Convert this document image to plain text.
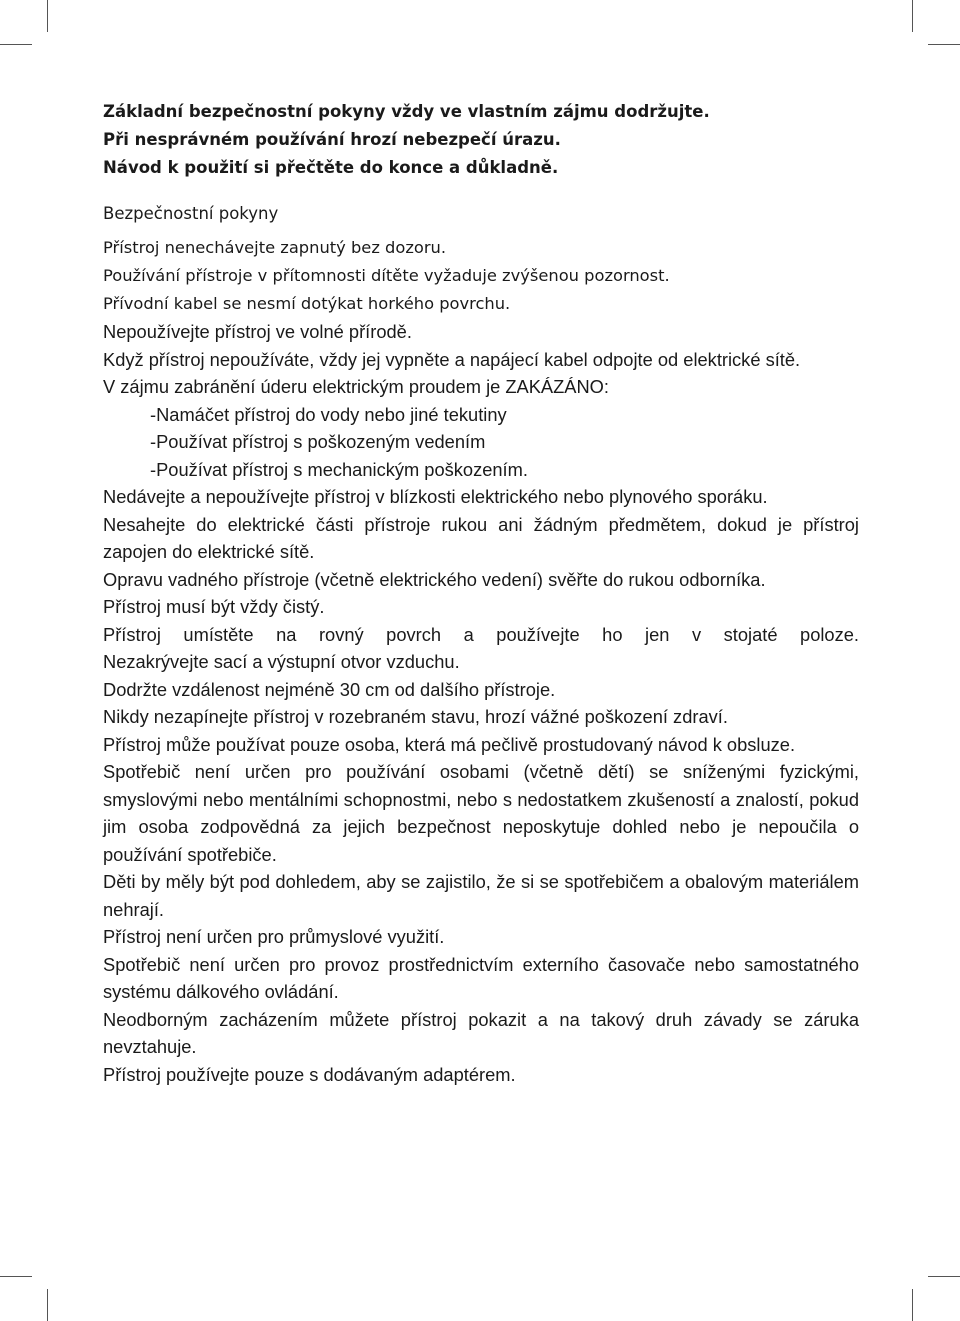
Základní bezpečnostní pokyny vždy ve vlastním zájmu dodržujte.
Při nesprávném používání hrozí nebezpečí úrazu.
Návod k použití si přečtěte do konce a důkladně.
Bezpečnostní pokyny

Přístroj nenechávejte zapnutý bez dozoru.

Používání přístroje v přítomnosti dítěte vyžaduje zvýšenou pozornost.

Přívodní kabel se nesmí dotýkat horkého povrchu.

Nepoužívejte přístroj ve volné přírodě.

Když přístroj nepoužíváte, vždy jej vypněte a napájecí kabel odpojte od elektrické sítě.

V zájmu zabránění úderu elektrickým proudem je ZAKÁZÁNO:

-Namáčet přístroj do vody nebo jiné tekutiny

-Používat přístroj s poškozeným vedením

-Používat přístroj s mechanickým poškozením.

Nedávejte a nepoužívejte přístroj v blízkosti elektrického nebo plynového sporáku.

Nesahejte do elektrické části přístroje rukou ani žádným předmětem, dokud je přístroj zapojen do elektrické sítě.

Opravu vadného přístroje (včetně elektrického vedení) svěřte do rukou odborníka.

Přístroj musí být vždy čistý.

Přístroj umístěte na rovný povrch a používejte ho jen v stojaté poloze.

Nezakrývejte sací a výstupní otvor vzduchu.

Dodržte vzdálenost nejméně 30 cm od dalšího přístroje.

Nikdy nezapínejte přístroj v rozebraném stavu, hrozí vážné poškození zdraví.

Přístroj může používat pouze osoba, která má pečlivě prostudovaný návod k obsluze.

Spotřebič není určen pro používání osobami (včetně dětí) se sníženými fyzickými, smyslovými nebo mentálními schopnostmi, nebo s nedostatkem zkušeností a znalostí, pokud jim osoba zodpovědná za jejich bezpečnost neposkytuje dohled nebo je nepoučila o používání spotřebiče.

Děti by měly být pod dohledem, aby se zajistilo, že si se spotřebičem a obalovým materiálem nehrají.

Přístroj není určen pro průmyslové využití.

Spotřebič není určen pro provoz prostřednictvím externího časovače nebo samostatného systému dálkového ovládání.

Neodborným zacházením můžete přístroj pokazit a na takový druh závady se záruka nevztahuje.

Přístroj používejte pouze s dodávaným adaptérem.
